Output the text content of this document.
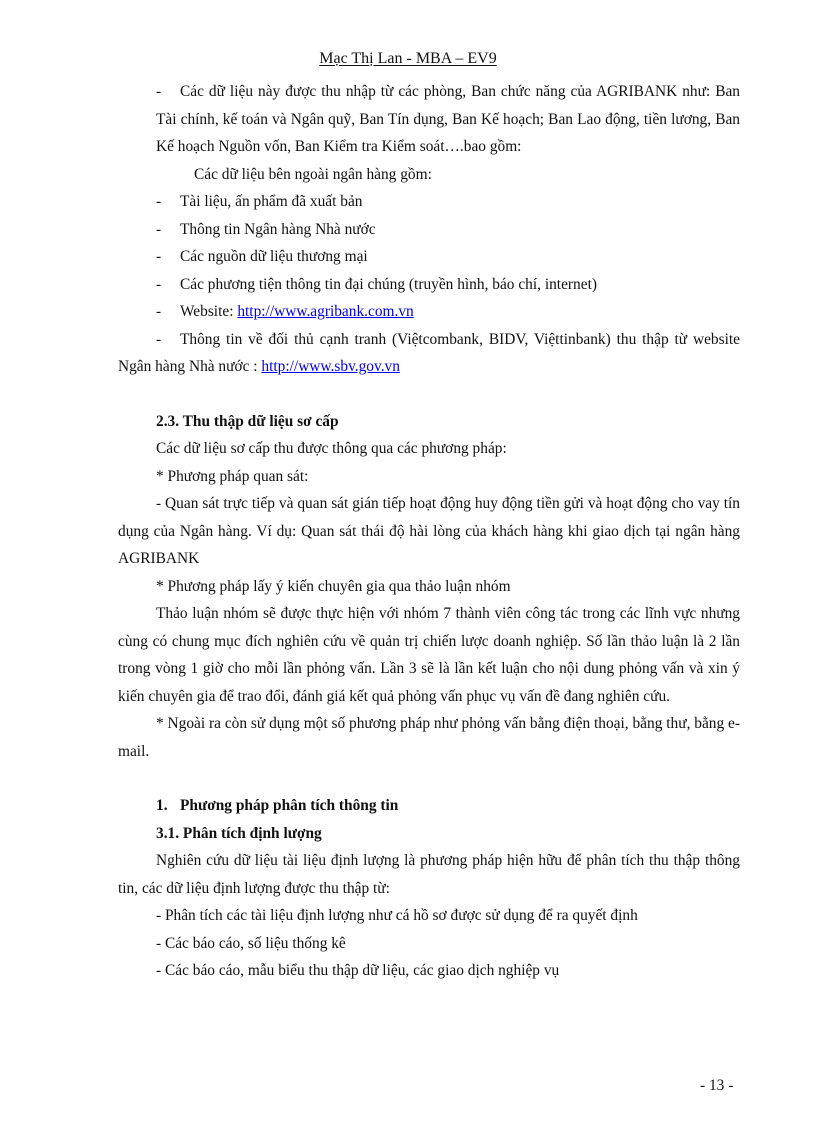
Mạc Thị Lan - MBA – EV9

- Các dữ liệu này được thu nhập từ các phòng, Ban chức năng của AGRIBANK như: Ban Tài chính, kế toán và Ngân quỹ, Ban Tín dụng, Ban Kế hoạch; Ban Lao động, tiền lương, Ban Kế hoạch Nguồn vốn, Ban Kiểm tra Kiểm soát….bao gồm:

Các dữ liệu bên ngoài ngân hàng gồm:

- Tài liệu, ấn phẩm đã xuất bản

- Thông tin Ngân hàng Nhà nước

- Các nguồn dữ liệu thương mại

- Các phương tiện thông tin đại chúng (truyền hình, báo chí, internet)

- Website: http://www.agribank.com.vn

- Thông tin về đối thủ cạnh tranh (Việtcombank, BIDV, Việttinbank) thu thập từ website Ngân hàng Nhà nước : http://www.sbv.gov.vn

2.3. Thu thập dữ liệu sơ cấp

Các dữ liệu sơ cấp thu được thông qua các phương pháp:

* Phương pháp quan sát:

- Quan sát trực tiếp và quan sát gián tiếp hoạt động huy động tiền gửi và hoạt động cho vay tín dụng của Ngân hàng. Ví dụ: Quan sát thái độ hài lòng của khách hàng khi giao dịch tại ngân hàng AGRIBANK

* Phương pháp lấy ý kiến chuyên gia qua thảo luận nhóm

Thảo luận nhóm sẽ được thực hiện với nhóm 7 thành viên công tác trong các lĩnh vực nhưng cùng có chung mục đích nghiên cứu về quản trị chiến lược doanh nghiệp. Số lần thảo luận là 2 lần trong vòng 1 giờ cho mỗi lần phỏng vấn. Lần 3 sẽ là lần kết luận cho nội dung phỏng vấn và xin ý kiến chuyên gia để trao đổi, đánh giá kết quả phỏng vấn phục vụ vấn đề đang nghiên cứu.

* Ngoài ra còn sử dụng một số phương pháp như phỏng vấn bằng điện thoại, bằng thư, bằng e-mail.

1. Phương pháp phân tích thông tin

3.1. Phân tích định lượng

Nghiên cứu dữ liệu tài liệu định lượng là phương pháp hiện hữu để phân tích thu thập thông tin, các dữ liệu định lượng được thu thập từ:

- Phân tích các tài liệu định lượng như cá hồ sơ được sử dụng để ra quyết định

- Các báo cáo, số liệu thống kê

- Các báo cáo, mẫu biểu thu thập dữ liệu, các giao dịch nghiệp vụ

- 13 -
